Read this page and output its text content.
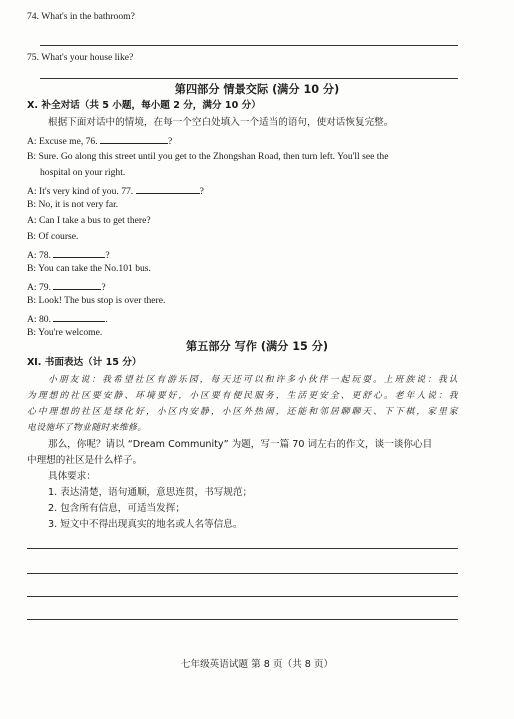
74. What's in the bathroom?
75. What's your house like?
第四部分 情景交际 (满分 10 分)
Ⅹ. 补全对话（共 5 小题，每小题 2 分，满分 10 分）
根据下面对话中的情境，在每一个空白处填入一个适当的语句，使对话恢复完整。
A: Excuse me, 76.	?
B: Sure. Go along this street until you get to the Zhongshan Road, then turn left. You'll see the
hospital on your right.
A: It's very kind of you. 77.	?
B: No, it is not very far.
A: Can I take a bus to get there?
B: Of course.
A: 78.	?
B: You can take the No.101 bus.
A: 79.	?
B: Look! The bus stop is over there.
A: 80.	.
B: You're welcome.
第五部分 写作 (满分 15 分)
Ⅺ. 书面表达（计 15 分）
小朋友说：我希望社区有游乐园，每天还可以和许多小伙伴一起玩耍。上班族说：我认
为理想的社区要安静、环境要好，小区要有便民服务，生活更安全、更舒心。老年人说：我
心中理想的社区是绿化好，小区内安静，小区外热闹，还能和邻居聊聊天、下下棋，家里家
电设施坏了物业随时来维修。
那么，你呢？请以 “Dream Community” 为题，写一篇 70 词左右的作文，谈一谈你心目
中理想的社区是什么样子。
具体要求：
1. 表达清楚，语句通顺，意思连贯，书写规范；
2. 包含所有信息，可适当发挥；
3. 短文中不得出现真实的地名或人名等信息。
七年级英语试题 第 8 页（共 8 页）
